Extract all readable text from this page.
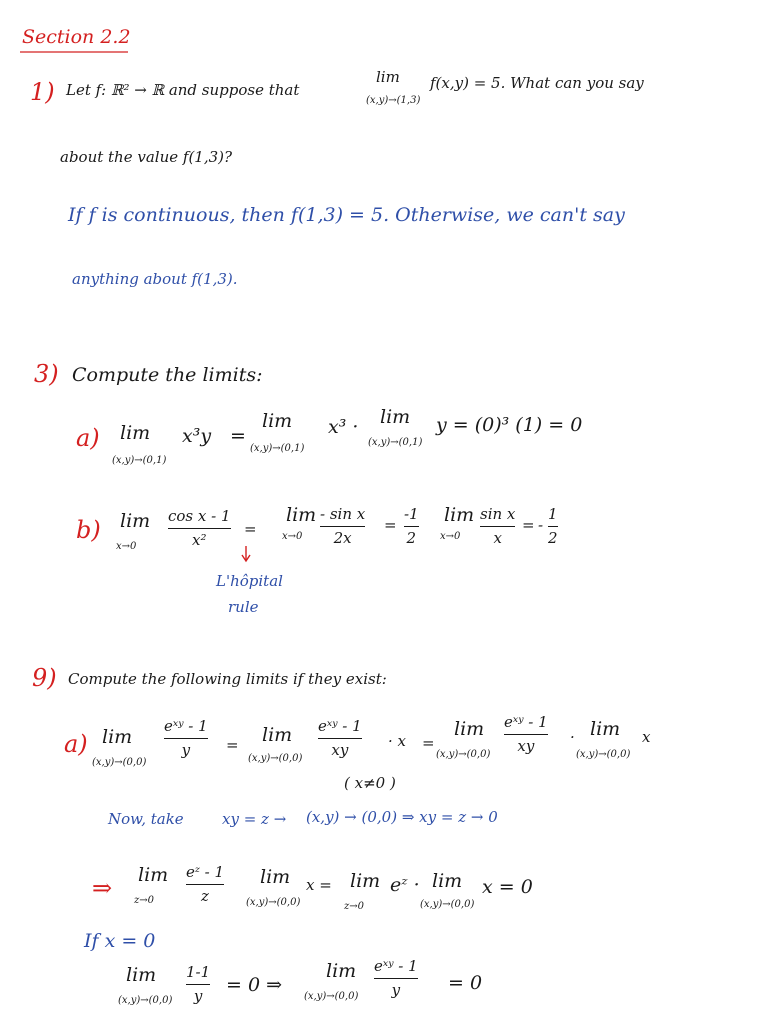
Section 2.2
1) Let f: ℝ² → ℝ and suppose that
lim
(x,y)→(1,3)
f(x,y) = 5. What can you say
about the value f(1,3)?
If f is continuous, then f(1,3) = 5. Otherwise, we can't say
anything about f(1,3).
3) Compute the limits:
a) lim
(x,y)→(0,1)
x³y =
lim
(x,y)→(0,1)
x³ · lim
(x,y)→(0,1)
y = (0)³ (1) = 0
b) lim
x→0
cos x - 1
x²
=
lim
x→0
- sin x
2x
=
-1
2
lim
x→0
sin x
x
= -
1
2
L'hôpital
rule
9) Compute the following limits if they exist:
a) lim
(x,y)→(0,0)
eˣʸ - 1
y = lim
(x,y)→(0,0)
eˣʸ - 1
xy	· x =
lim
(x,y)→(0,0)
eˣʸ - 1
xy · lim
(x,y)→(0,0)
x
( x≠0 )
Now, take	xy = z → (x,y) → (0,0) ⇒ xy = z → 0
⇒ lim
z→0
eᶻ - 1
z
lim
(x,y)→(0,0)
x = lim
z→0
eᶻ · lim
(x,y)→(0,0)
x = 0
If x = 0
lim
(x,y)→(0,0)
1-1
y = 0 ⇒
lim
(x,y)→(0,0)
eˣʸ - 1
y	= 0
